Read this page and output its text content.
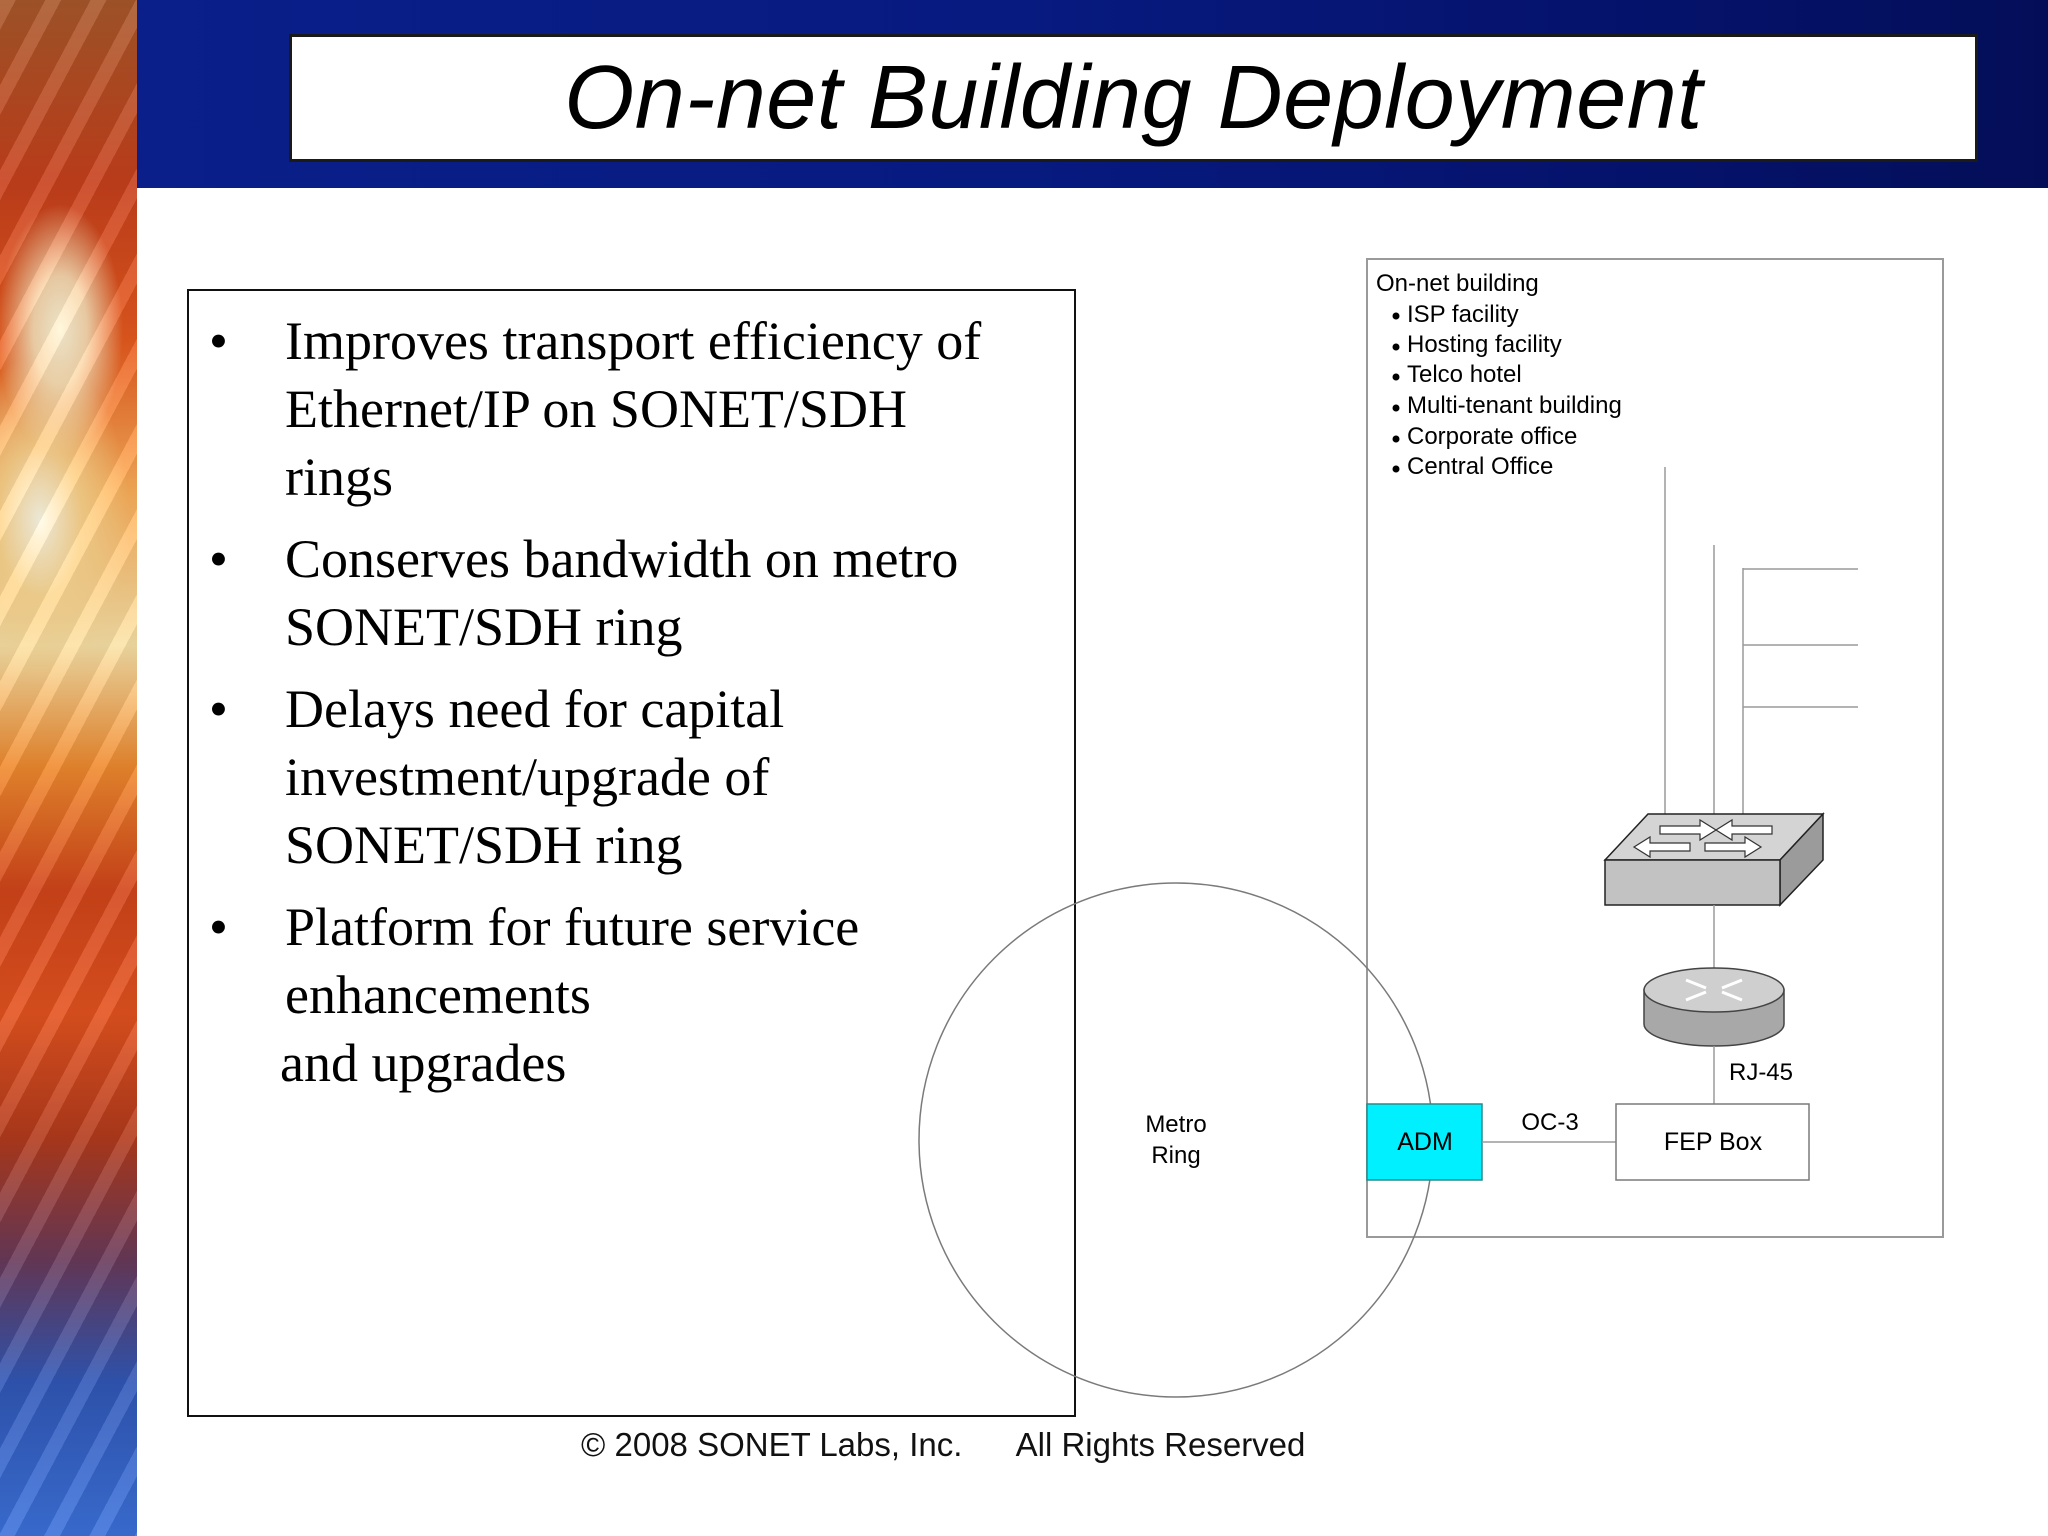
On-net Building Deployment
•	Improves transport efficiency of
Ethernet/IP on SONET/SDH
rings
•	Conserves bandwidth on metro
SONET/SDH ring
•	Delays need for capital
investment/upgrade of
SONET/SDH ring
•	Platform for future service
enhancements
and upgrades
On-net building
ISP facility
Hosting facility
Telco hotel
Multi-tenant building
Corporate office
Central Office
Metro
Ring
RJ-45
ADM
OC-3
FEP Box
© 2008 SONET Labs, Inc. All Rights Reserved
